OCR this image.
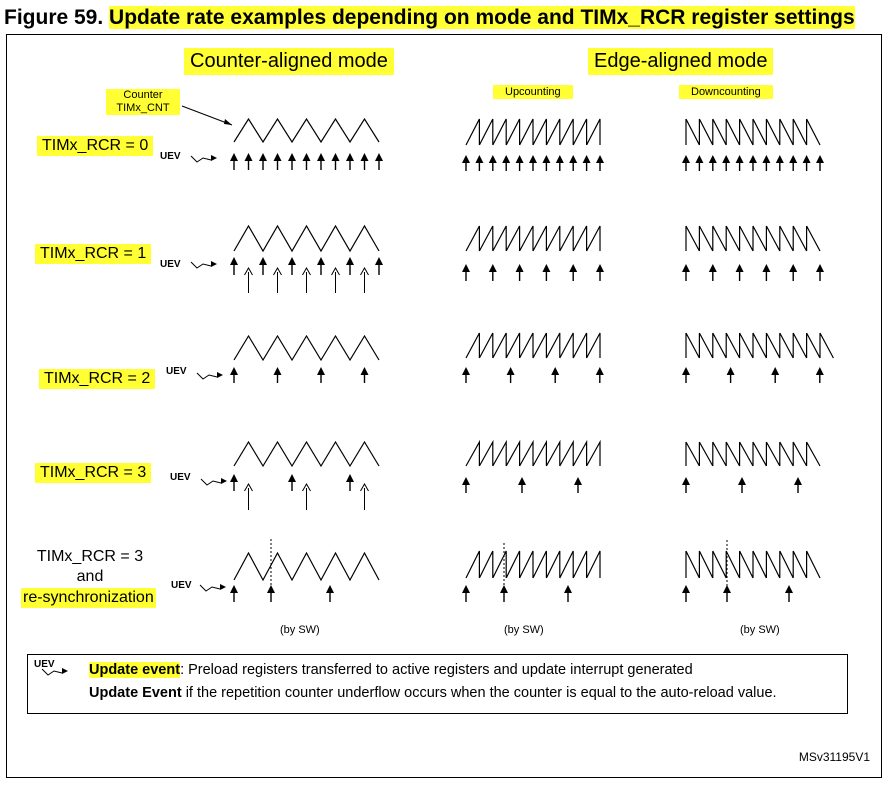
Figure 59. Update rate examples depending on mode and TIMx_RCR register settings
Counter-aligned mode	Edge-aligned mode
Upcounting	Downcounting
Counter
TIMx_CNT
TIMx_RCR = 0
TIMx_RCR = 1
TIMx_RCR = 2
TIMx_RCR = 3
TIMx_RCR = 3
and
re-synchronization
UEV
UEV
UEV
UEV
UEV
(by SW)	(by SW)	(by SW)
UEV Update event: Preload registers transferred to active registers and update interrupt generated
Update Event if the repetition counter underflow occurs when the counter is equal to the auto-reload value.
MSv31195V1
